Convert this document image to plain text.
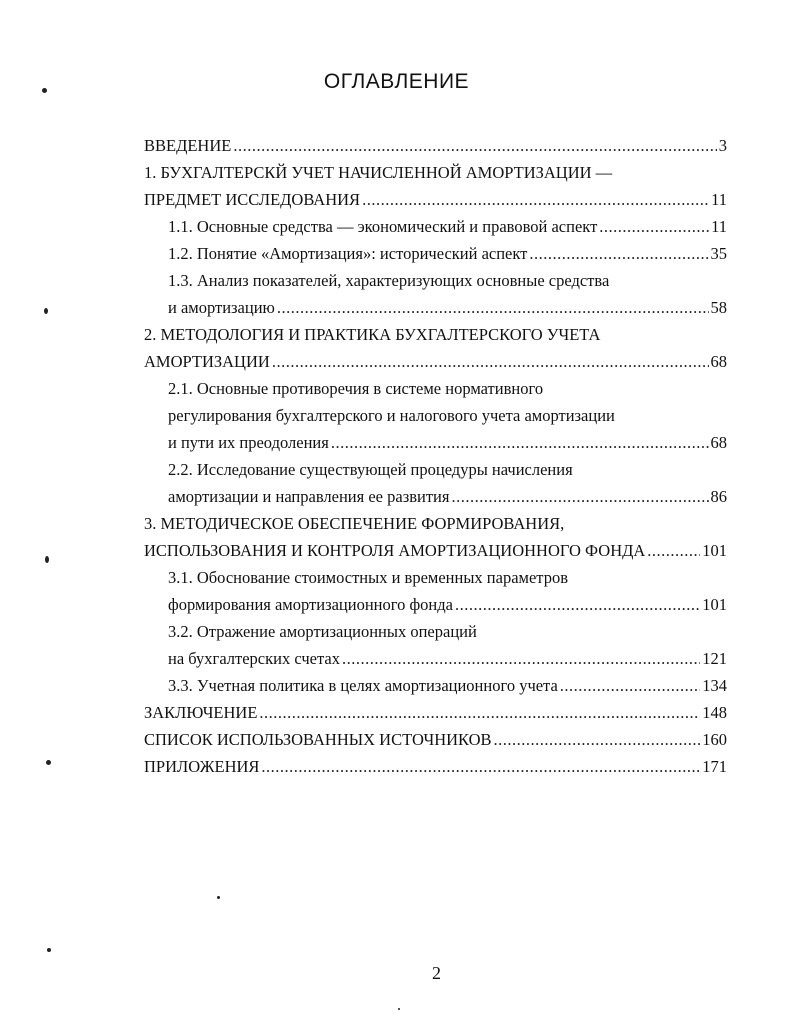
ОГЛАВЛЕНИЕ
ВВЕДЕНИЕ .....	3
1. БУХГАЛТЕРСКЙ УЧЕТ НАЧИСЛЕННОЙ АМОРТИЗАЦИИ —
ПРЕДМЕТ ИССЛЕДОВАНИЯ .....	11
1.1. Основные средства — экономический и правовой аспект .....	11
1.2. Понятие «Амортизация»: исторический аспект .....	35
1.3. Анализ показателей, характеризующих основные средства
и амортизацию .....	58
2. МЕТОДОЛОГИЯ И ПРАКТИКА БУХГАЛТЕРСКОГО УЧЕТА
АМОРТИЗАЦИИ .....	68
2.1. Основные противоречия в системе нормативного
регулирования бухгалтерского и налогового учета амортизации
и пути их преодоления .....	68
2.2. Исследование существующей процедуры начисления
амортизации и направления ее развития .....	86
3. МЕТОДИЧЕСКОЕ ОБЕСПЕЧЕНИЕ ФОРМИРОВАНИЯ,
ИСПОЛЬЗОВАНИЯ И КОНТРОЛЯ АМОРТИЗАЦИОННОГО ФОНДА .....	101
3.1. Обоснование стоимостных и временных параметров
формирования амортизационного фонда .....	101
3.2. Отражение амортизационных операций
на бухгалтерских счетах .....	121
3.3. Учетная политика в целях амортизационного учета .....	134
ЗАКЛЮЧЕНИЕ .....	148
СПИСОК ИСПОЛЬЗОВАННЫХ ИСТОЧНИКОВ .....	160
ПРИЛОЖЕНИЯ .....	171
2
